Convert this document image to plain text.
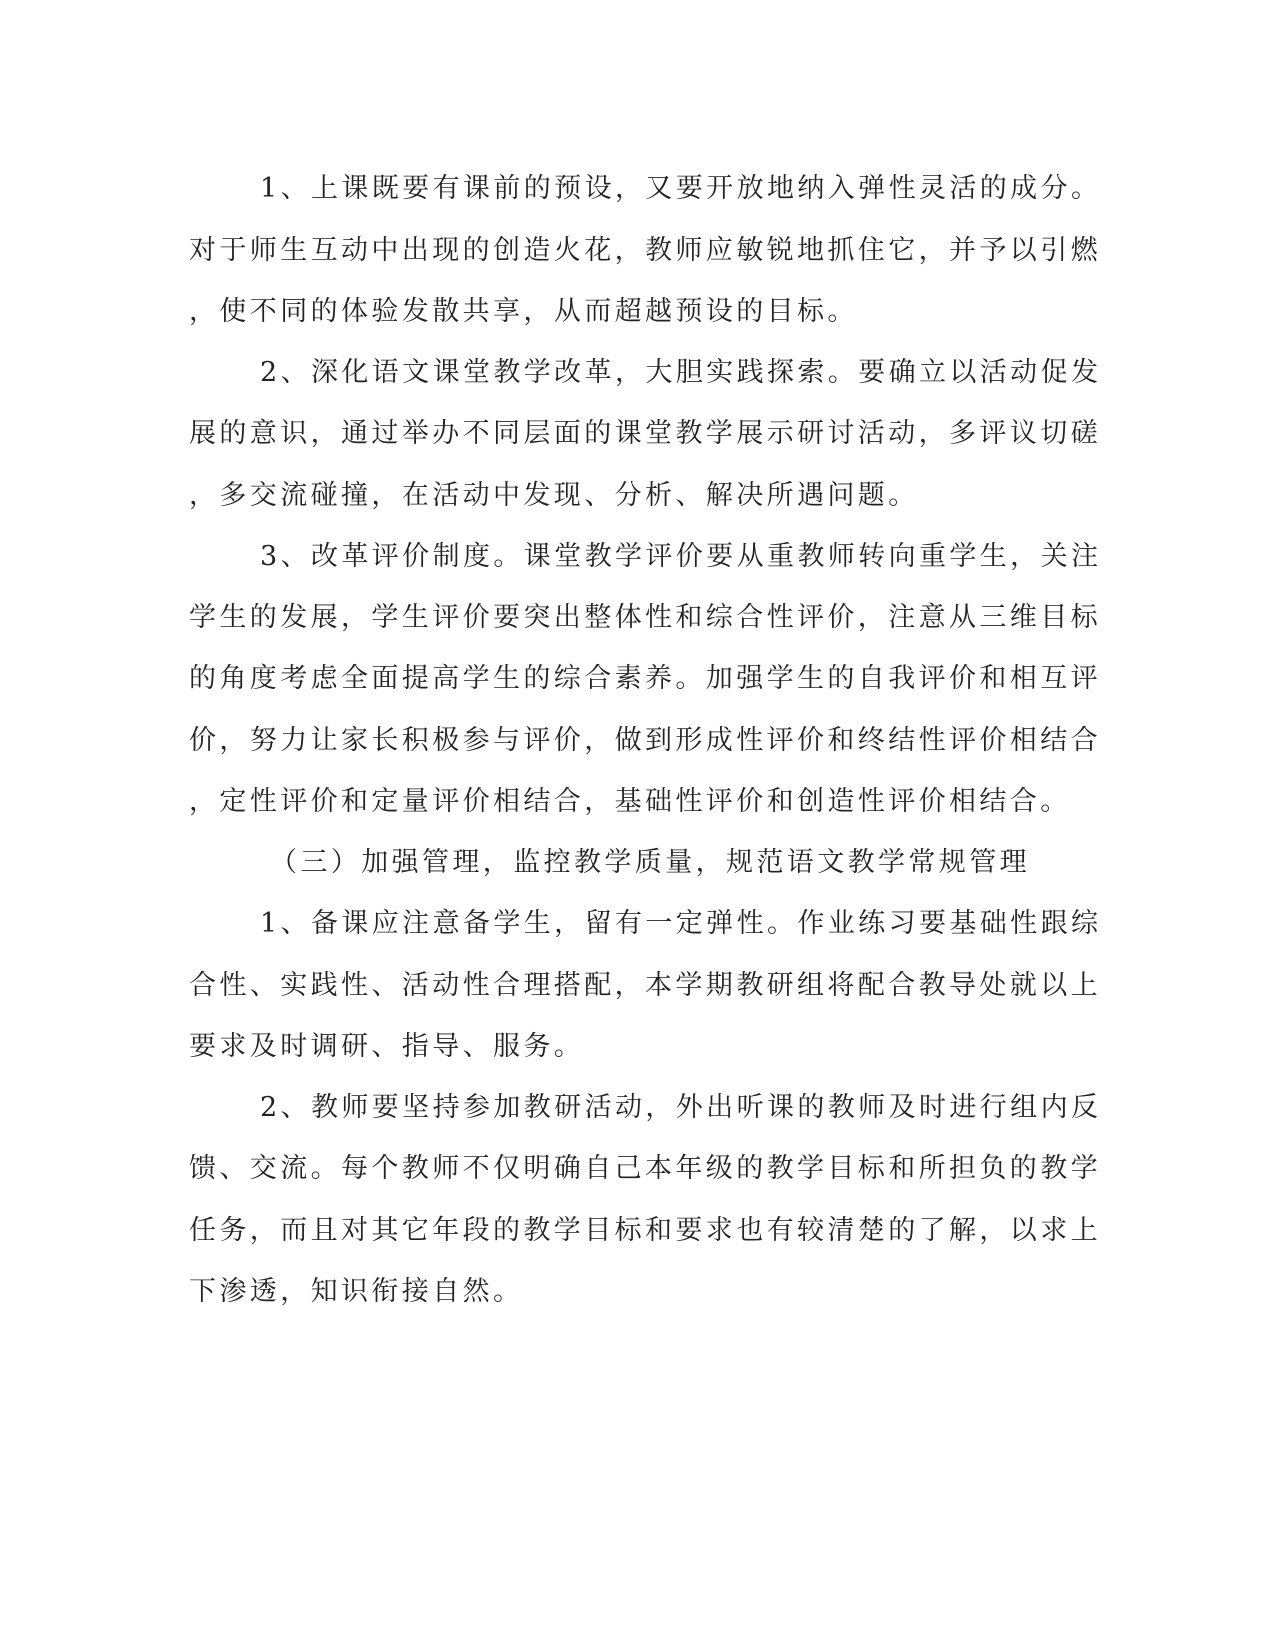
1、上课既要有课前的预设，又要开放地纳入弹性灵活的成分。
对于师生互动中出现的创造火花，教师应敏锐地抓住它，并予以引燃
，使不同的体验发散共享，从而超越预设的目标。
2、深化语文课堂教学改革，大胆实践探索。要确立以活动促发
展的意识，通过举办不同层面的课堂教学展示研讨活动，多评议切磋
，多交流碰撞，在活动中发现、分析、解决所遇问题。
3、改革评价制度。课堂教学评价要从重教师转向重学生，关注
学生的发展，学生评价要突出整体性和综合性评价，注意从三维目标
的角度考虑全面提高学生的综合素养。加强学生的自我评价和相互评
价，努力让家长积极参与评价，做到形成性评价和终结性评价相结合
，定性评价和定量评价相结合，基础性评价和创造性评价相结合。
（三）加强管理，监控教学质量，规范语文教学常规管理
1、备课应注意备学生，留有一定弹性。作业练习要基础性跟综
合性、实践性、活动性合理搭配，本学期教研组将配合教导处就以上
要求及时调研、指导、服务。
2、教师要坚持参加教研活动，外出听课的教师及时进行组内反
馈、交流。每个教师不仅明确自己本年级的教学目标和所担负的教学
任务，而且对其它年段的教学目标和要求也有较清楚的了解，以求上
下渗透，知识衔接自然。
